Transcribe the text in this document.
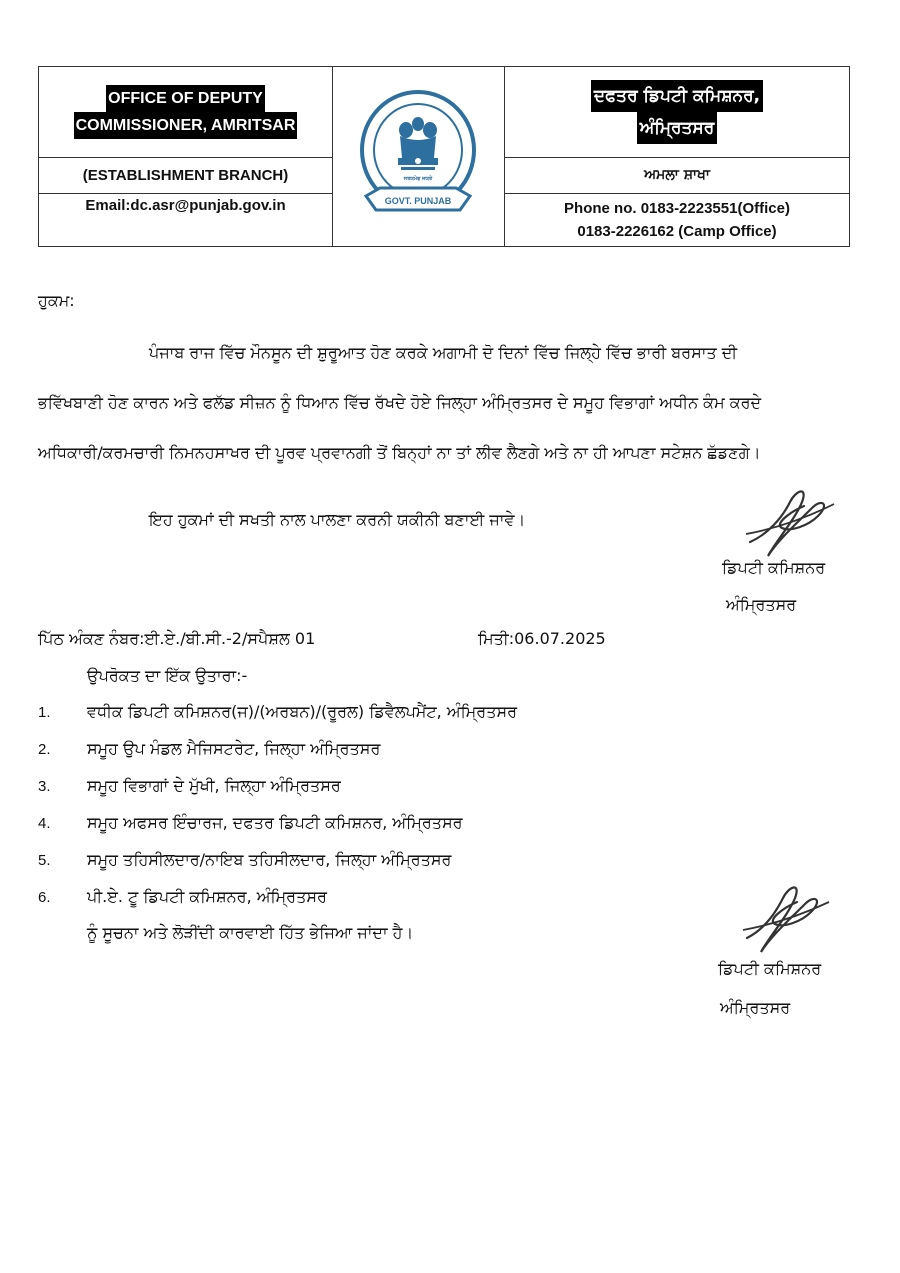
OFFICE OF DEPUTY
COMMISSIONER, AMRITSAR
(ESTABLISHMENT BRANCH)
Email:dc.asr@punjab.gov.in
ਸਤਯਮੇਵ ਜਯਤੇ
GOVT. PUNJAB
ਦਫਤਰ ਡਿਪਟੀ ਕਮਿਸ਼ਨਰ,
ਅੰਮ੍ਰਿਤਸਰ
ਅਮਲਾ ਸ਼ਾਖਾ
Phone no. 0183-2223551(Office)
0183-2226162 (Camp Office)
ਹੁਕਮ:
ਪੰਜਾਬ ਰਾਜ ਵਿੱਚ ਮੌਨਸੂਨ ਦੀ ਸ਼ੁਰੂਆਤ ਹੋਣ ਕਰਕੇ ਅਗਾਮੀ ਦੋ ਦਿਨਾਂ ਵਿੱਚ ਜਿਲ੍ਹੇ ਵਿੱਚ ਭਾਰੀ ਬਰਸਾਤ ਦੀ
ਭਵਿੱਖਬਾਣੀ ਹੋਣ ਕਾਰਨ ਅਤੇ ਫਲੱਡ ਸੀਜ਼ਨ ਨੂੰ ਧਿਆਨ ਵਿੱਚ ਰੱਖਦੇ ਹੋਏ ਜਿਲ੍ਹਾ ਅੰਮ੍ਰਿਤਸਰ ਦੇ ਸਮੂਹ ਵਿਭਾਗਾਂ ਅਧੀਨ ਕੰਮ ਕਰਦੇ
ਅਧਿਕਾਰੀ/ਕਰਮਚਾਰੀ ਨਿਮਨਹਸਾਖਰ ਦੀ ਪੂਰਵ ਪ੍ਰਵਾਨਗੀ ਤੋਂ ਬਿਨ੍ਹਾਂ ਨਾ ਤਾਂ ਲੀਵ ਲੈਣਗੇ ਅਤੇ ਨਾ ਹੀ ਆਪਣਾ ਸਟੇਸ਼ਨ ਛੱਡਣਗੇ।
ਇਹ ਹੁਕਮਾਂ ਦੀ ਸਖਤੀ ਨਾਲ ਪਾਲਣਾ ਕਰਨੀ ਯਕੀਨੀ ਬਣਾਈ ਜਾਵੇ।
ਡਿਪਟੀ ਕਮਿਸ਼ਨਰ
ਅੰਮ੍ਰਿਤਸਰ
ਪਿੱਠ ਅੰਕਣ ਨੰਬਰ:ਈ.ਏ./ਬੀ.ਸੀ.-2/ਸਪੈਸ਼ਲ 01	ਮਿਤੀ:06.07.2025
ਉਪਰੋਕਤ ਦਾ ਇੱਕ ਉਤਾਰਾ:-
1. ਵਧੀਕ ਡਿਪਟੀ ਕਮਿਸ਼ਨਰ(ਜ)/(ਅਰਬਨ)/(ਰੂਰਲ) ਡਿਵੈਲਪਮੈਂਟ, ਅੰਮ੍ਰਿਤਸਰ
2. ਸਮੂਹ ਉਪ ਮੰਡਲ ਮੈਜਿਸਟਰੇਟ, ਜਿਲ੍ਹਾ ਅੰਮ੍ਰਿਤਸਰ
3. ਸਮੂਹ ਵਿਭਾਗਾਂ ਦੇ ਮੁੱਖੀ, ਜਿਲ੍ਹਾ ਅੰਮ੍ਰਿਤਸਰ
4. ਸਮੂਹ ਅਫਸਰ ਇੰਚਾਰਜ, ਦਫਤਰ ਡਿਪਟੀ ਕਮਿਸ਼ਨਰ, ਅੰਮ੍ਰਿਤਸਰ
5. ਸਮੂਹ ਤਹਿਸੀਲਦਾਰ/ਨਾਇਬ ਤਹਿਸੀਲਦਾਰ, ਜਿਲ੍ਹਾ ਅੰਮ੍ਰਿਤਸਰ
6. ਪੀ.ਏ. ਟੂ ਡਿਪਟੀ ਕਮਿਸ਼ਨਰ, ਅੰਮ੍ਰਿਤਸਰ
ਨੂੰ ਸੂਚਨਾ ਅਤੇ ਲੋੜੀਂਦੀ ਕਾਰਵਾਈ ਹਿੱਤ ਭੇਜਿਆ ਜਾਂਦਾ ਹੈ।
ਡਿਪਟੀ ਕਮਿਸ਼ਨਰ
ਅੰਮ੍ਰਿਤਸਰ
